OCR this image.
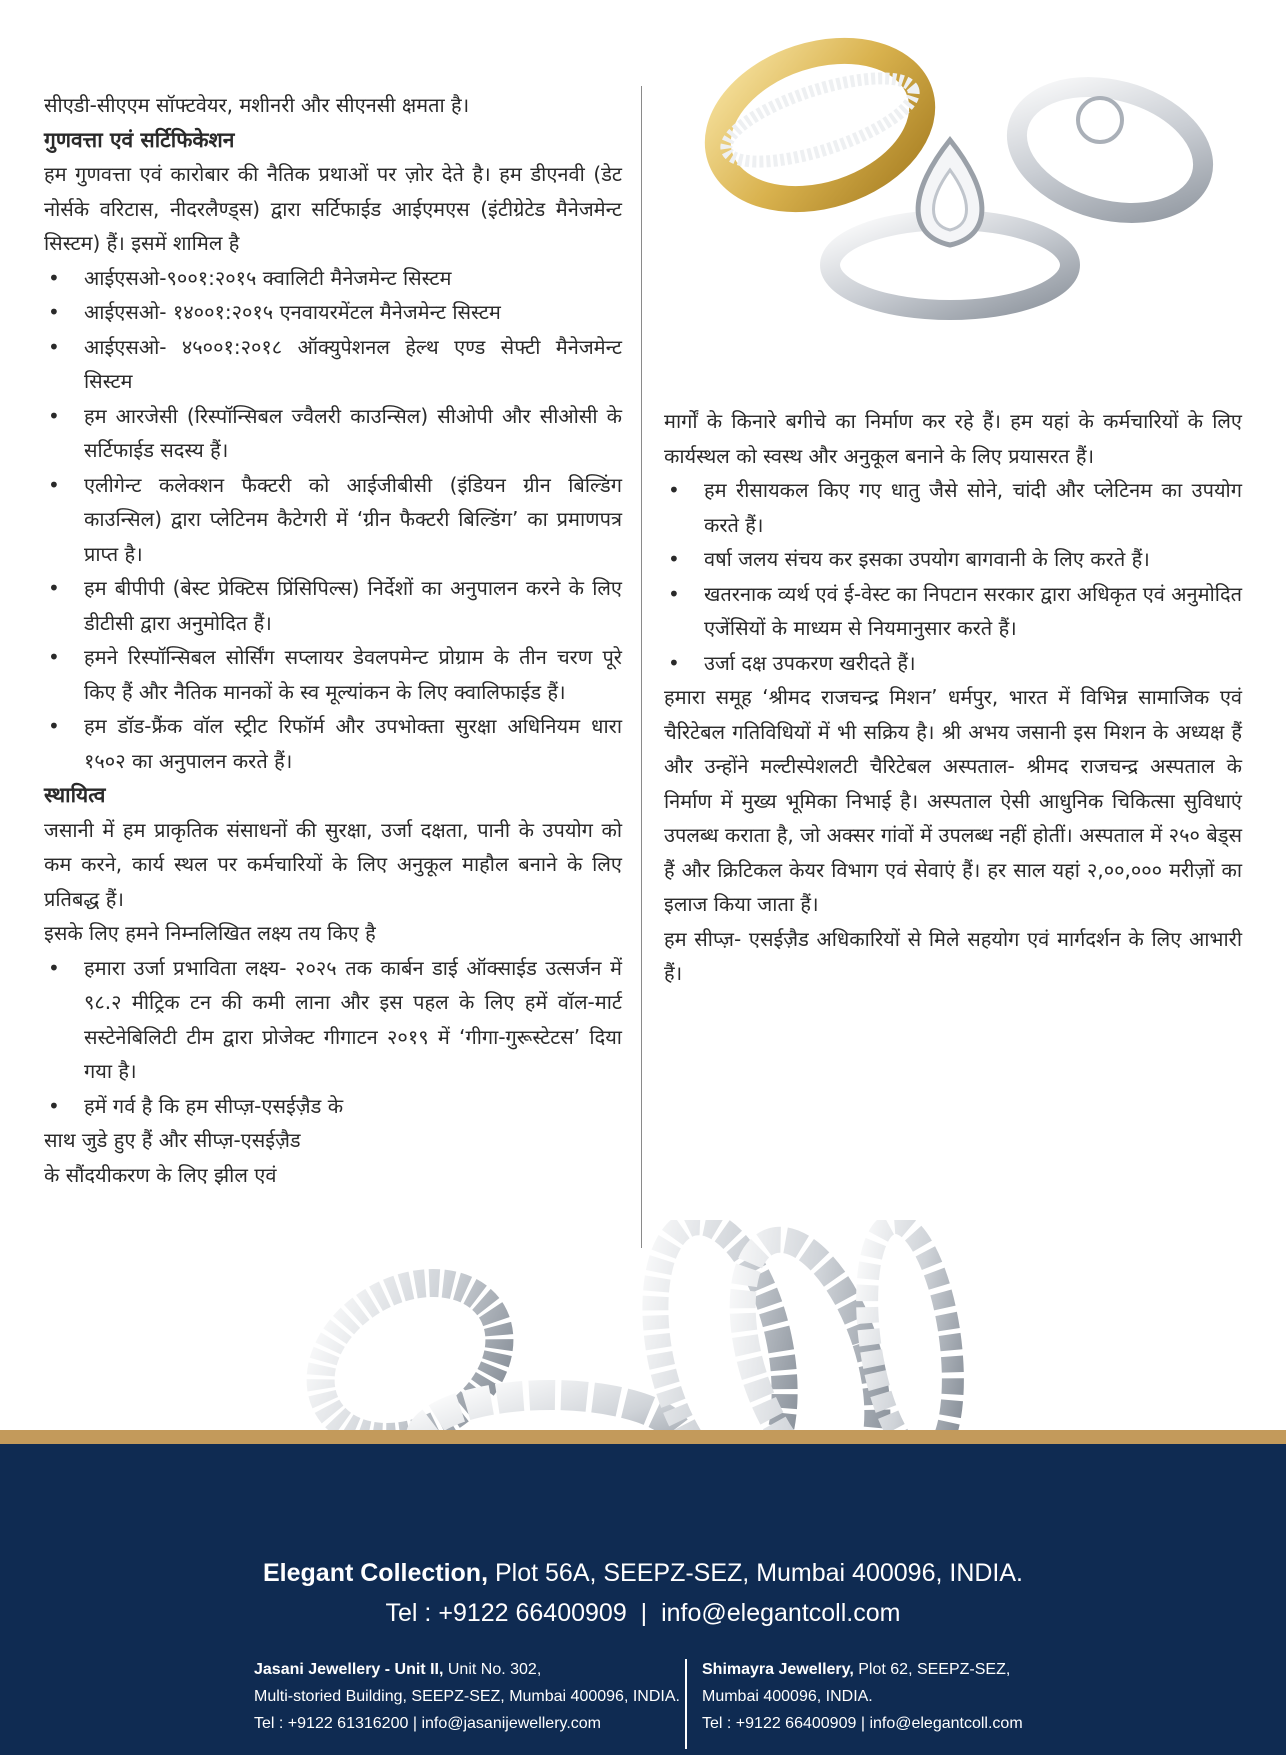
सीएडी-सीएएम सॉफ्टवेयर, मशीनरी और सीएनसी क्षमता है।

गुणवत्ता एवं सर्टिफिकेशन

हम गुणवत्ता एवं कारोबार की नैतिक प्रथाओं पर ज़ोर देते है। हम डीएनवी (डेट नोर्सके वरिटास, नीदरलैण्ड्स) द्वारा सर्टिफाईड आईएमएस (इंटीग्रेटेड मैनेजमेन्ट सिस्टम) हैं। इसमें शामिल है

• आईएसओ-९००१:२०१५ क्वालिटी मैनेजमेन्ट सिस्टम

• आईएसओ- १४००१:२०१५ एनवायरमेंटल मैनेजमेन्ट सिस्टम

• आईएसओ- ४५००१:२०१८ ऑक्युपेशनल हेल्थ एण्ड सेफ्टी मैनेजमेन्ट सिस्टम

• हम आरजेसी (रिस्पॉन्सिबल ज्वैलरी काउन्सिल) सीओपी और सीओसी के सर्टिफाईड सदस्य हैं।

• एलीगेन्ट कलेक्शन फैक्टरी को आईजीबीसी (इंडियन ग्रीन बिल्डिंग काउन्सिल) द्वारा प्लेटिनम कैटेगरी में ‘ग्रीन फैक्टरी बिल्डिंग’ का प्रमाणपत्र प्राप्त है।

• हम बीपीपी (बेस्ट प्रेक्टिस प्रिंसिपिल्स) निर्देशों का अनुपालन करने के लिए डीटीसी द्वारा अनुमोदित हैं।

• हमने रिस्पॉन्सिबल सोर्सिंग सप्लायर डेवलपमेन्ट प्रोग्राम के तीन चरण पूरे किए हैं और नैतिक मानकों के स्व मूल्यांकन के लिए क्वालिफाईड हैं।

• हम डॉड-फ्रैंक वॉल स्ट्रीट रिफॉर्म और उपभोक्ता सुरक्षा अधिनियम धारा १५०२ का अनुपालन करते हैं।

स्थायित्व

जसानी में हम प्राकृतिक संसाधनों की सुरक्षा, उर्जा दक्षता, पानी के उपयोग को कम करने, कार्य स्थल पर कर्मचारियों के लिए अनुकूल माहौल बनाने के लिए प्रतिबद्ध हैं।

इसके लिए हमने निम्नलिखित लक्ष्य तय किए है

• हमारा उर्जा प्रभाविता लक्ष्य- २०२५ तक कार्बन डाई ऑक्साईड उत्सर्जन में ९८.२ मीट्रिक टन की कमी लाना और इस पहल के लिए हमें वॉल-मार्ट सस्टेनेबिलिटी टीम द्वारा प्रोजेक्ट गीगाटन २०१९ में ‘गीगा-गुरूस्टेटस’ दिया गया है।

• हमें गर्व है कि हम सीप्ज़-एसईज़ैड के
साथ जुडे हुए हैं और सीप्ज़-एसईज़ैड
के सौंदयीकरण के लिए झील एवं

मार्गों के किनारे बगीचे का निर्माण कर रहे हैं। हम यहां के कर्मचारियों के लिए कार्यस्थल को स्वस्थ और अनुकूल बनाने के लिए प्रयासरत हैं।

• हम रीसायकल किए गए धातु जैसे सोने, चांदी और प्लेटिनम का उपयोग करते हैं।

• वर्षा जलय संचय कर इसका उपयोग बागवानी के लिए करते हैं।

• खतरनाक व्यर्थ एवं ई-वेस्ट का निपटान सरकार द्वारा अधिकृत एवं अनुमोदित एजेंसियों के माध्यम से नियमानुसार करते हैं।

• उर्जा दक्ष उपकरण खरीदते हैं।

हमारा समूह ‘श्रीमद राजचन्द्र मिशन’ धर्मपुर, भारत में विभिन्न सामाजिक एवं चैरिटेबल गतिविधियों में भी सक्रिय है। श्री अभय जसानी इस मिशन के अध्यक्ष हैं और उन्होंने मल्टीस्पेशलटी चैरिटेबल अस्पताल- श्रीमद राजचन्द्र अस्पताल के निर्माण में मुख्य भूमिका निभाई है। अस्पताल ऐसी आधुनिक चिकित्सा सुविधाएं उपलब्ध कराता है, जो अक्सर गांवों में उपलब्ध नहीं होतीं। अस्पताल में २५० बेड्स हैं और क्रिटिकल केयर विभाग एवं सेवाएं हैं। हर साल यहां २,००,००० मरीज़ों का इलाज किया जाता हैं।

हम सीप्ज़- एसईज़ैड अधिकारियों से मिले सहयोग एवं मार्गदर्शन के लिए आभारी हैं।

Elegant Collection, Plot 56A, SEEPZ-SEZ, Mumbai 400096, INDIA.
Tel : +9122 66400909 | info@elegantcoll.com
Jasani Jewellery - Unit II, Unit No. 302,
Multi-storied Building, SEEPZ-SEZ, Mumbai 400096, INDIA.
Tel : +9122 61316200 | info@jasanijewellery.com
Shimayra Jewellery, Plot 62, SEEPZ-SEZ,
Mumbai 400096, INDIA.
Tel : +9122 66400909 | info@elegantcoll.com
